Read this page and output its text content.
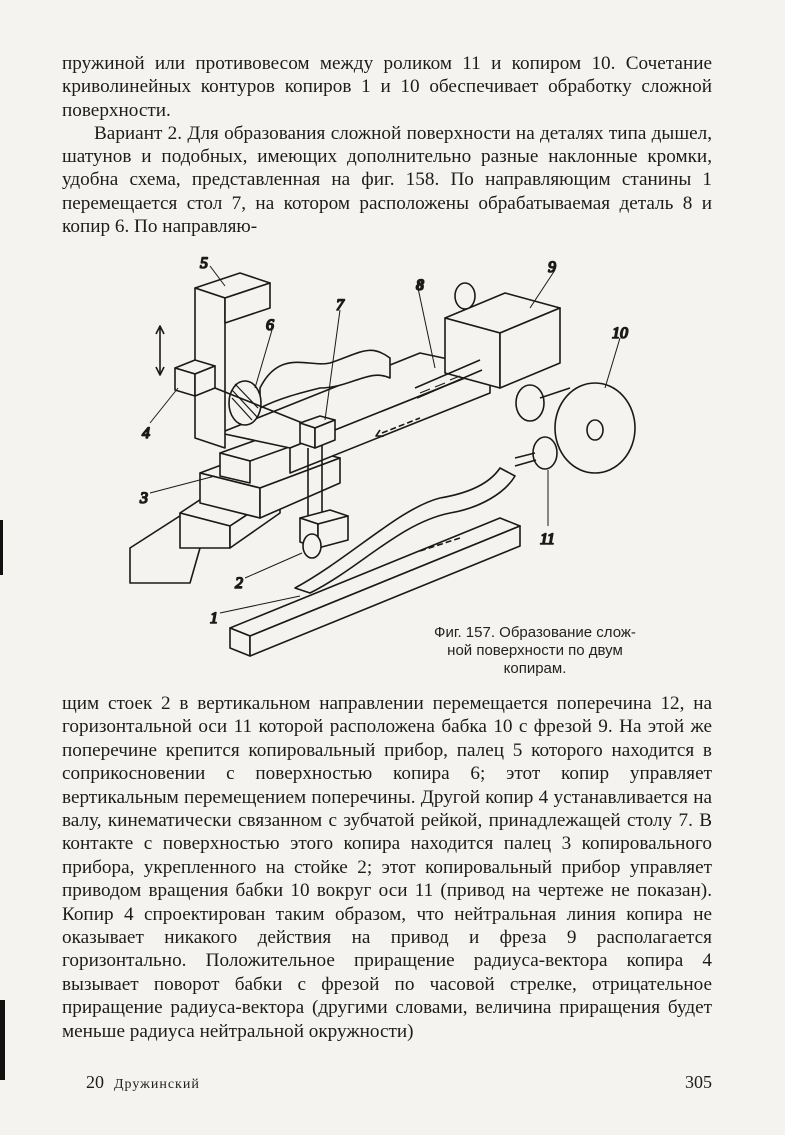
пружиной или противовесом между роликом 11 и копиром 10. Сочетание криволинейных контуров копиров 1 и 10 обеспечивает обработку сложной поверхности.

Вариант 2. Для образования сложной поверхности на деталях типа дышел, шатунов и подобных, имеющих дополнительно разные наклонные кромки, удобна схема, представленная на фиг. 158. По направляющим станины 1 перемещается стол 7, на котором расположены обрабатываемая деталь 8 и копир 6. По направляю-

5
6
7
8
9
10
4
3
11
2
1
Фиг. 157. Образование слож-
ной поверхности по двум
копирам.

щим стоек 2 в вертикальном направлении перемещается поперечина 12, на горизонтальной оси 11 которой расположена бабка 10 с фрезой 9. На этой же поперечине крепится копировальный прибор, палец 5 которого находится в соприкосновении с поверхностью копира 6; этот копир управляет вертикальным перемещением поперечины. Другой копир 4 устанавливается на валу, кинематически связанном с зубчатой рейкой, принадлежащей столу 7. В контакте с поверхностью этого копира находится палец 3 копировального прибора, укрепленного на стойке 2; этот копировальный прибор управляет приводом вращения бабки 10 вокруг оси 11 (привод на чертеже не показан). Копир 4 спроектирован таким образом, что нейтральная линия копира не оказывает никакого действия на привод и фреза 9 располагается горизонтально. Положительное приращение радиуса-вектора копира 4 вызывает поворот бабки с фрезой по часовой стрелке, отрицательное приращение радиуса-вектора (другими словами, величина приращения будет меньше радиуса нейтральной окружности)

20 Дружинский	305
